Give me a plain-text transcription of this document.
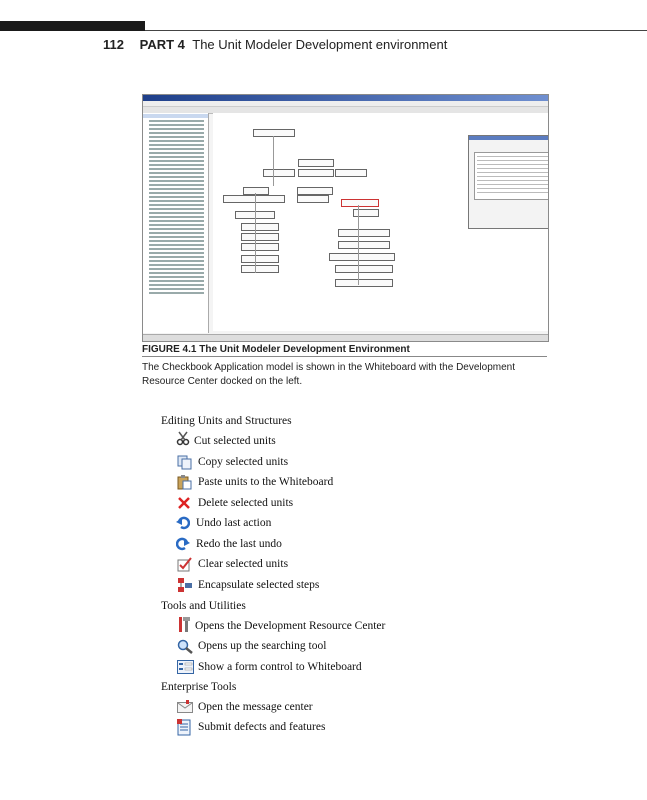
112 PART 4 The Unit Modeler Development environment
FIGURE 4.1 The Unit Modeler Development Environment
The Checkbook Application model is shown in the Whiteboard with the Development Resource Center docked on the left.
Editing Units and Structures
Tools and Utilities
Enterprise Tools
Cut selected units
Copy selected units
Paste units to the Whiteboard
Delete selected units
Undo last action
Redo the last undo
Clear selected units
Encapsulate selected steps
Opens the Development Resource Center
Opens up the searching tool
Show a form control to Whiteboard
Open the message center
Submit defects and features
